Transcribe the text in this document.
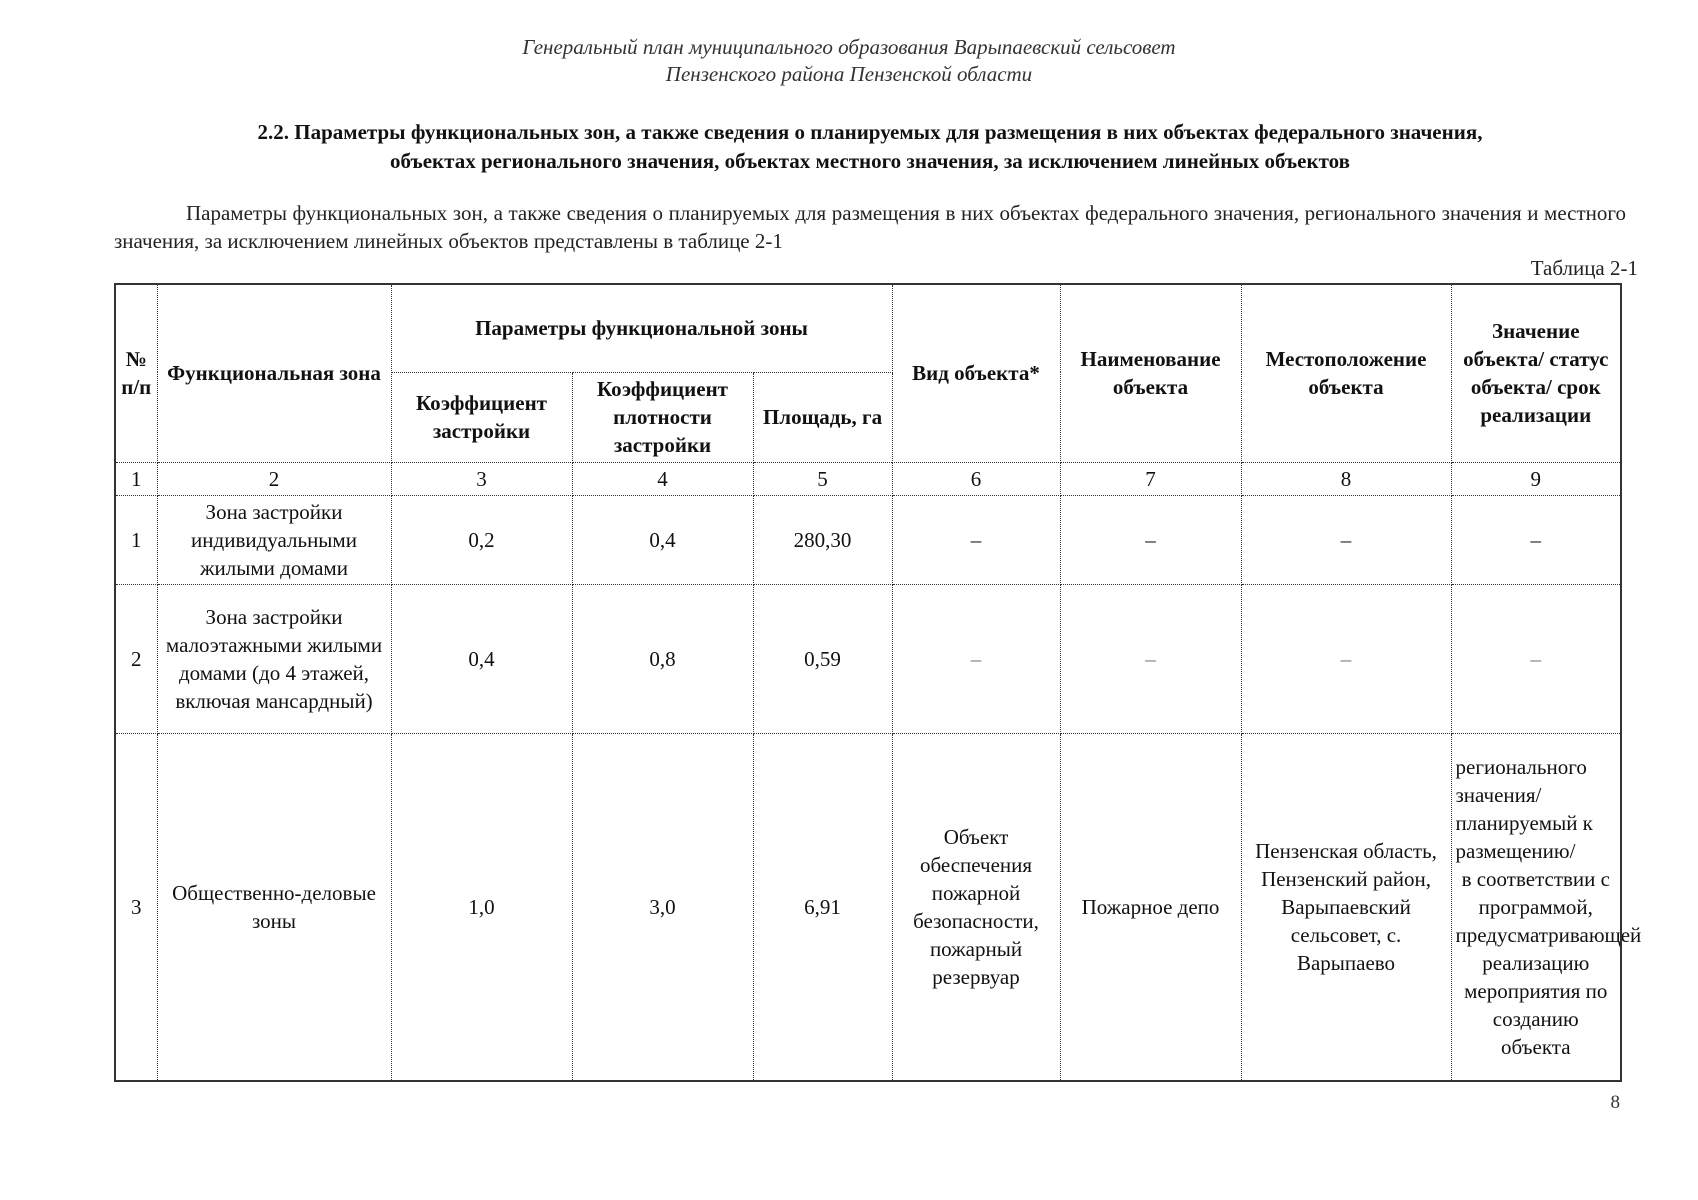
Генеральный план муниципального образования Варыпаевский сельсовет
Пензенского района Пензенской области
2.2. Параметры функциональных зон, а также сведения о планируемых для размещения в них объектах федерального значения,
объектах регионального значения, объектах местного значения, за исключением линейных объектов
Параметры функциональных зон, а также сведения о планируемых для размещения в них объектах федерального значения, регионального значения и местного значения, за исключением линейных объектов представлены в таблице 2-1
Таблица 2-1
№ п/п	Функциональная зона	Параметры функциональной зоны			Вид объекта*	Наименование объекта	Местоположение объекта	Значение объекта/ статус объекта/ срок реализации
		Коэффициент застройки	Коэффициент плотности застройки	Площадь, га				
1	2	3	4	5	6	7	8	9
1	Зона застройки индивидуальными жилыми домами	0,2	0,4	280,30	–	–	–	–
2	Зона застройки малоэтажными жилыми домами (до 4 этажей, включая мансардный)	0,4	0,8	0,59	–	–	–	–
3	Общественно-деловые зоны	1,0	3,0	6,91	Объект обеспечения пожарной безопасности, пожарный резервуар	Пожарное депо	Пензенская область, Пензенский район, Варыпаевский сельсовет, с. Варыпаево	регионального значения/
планируемый к размещению/
в соответствии с программой, предусматривающей реализацию мероприятия по созданию объекта
8
